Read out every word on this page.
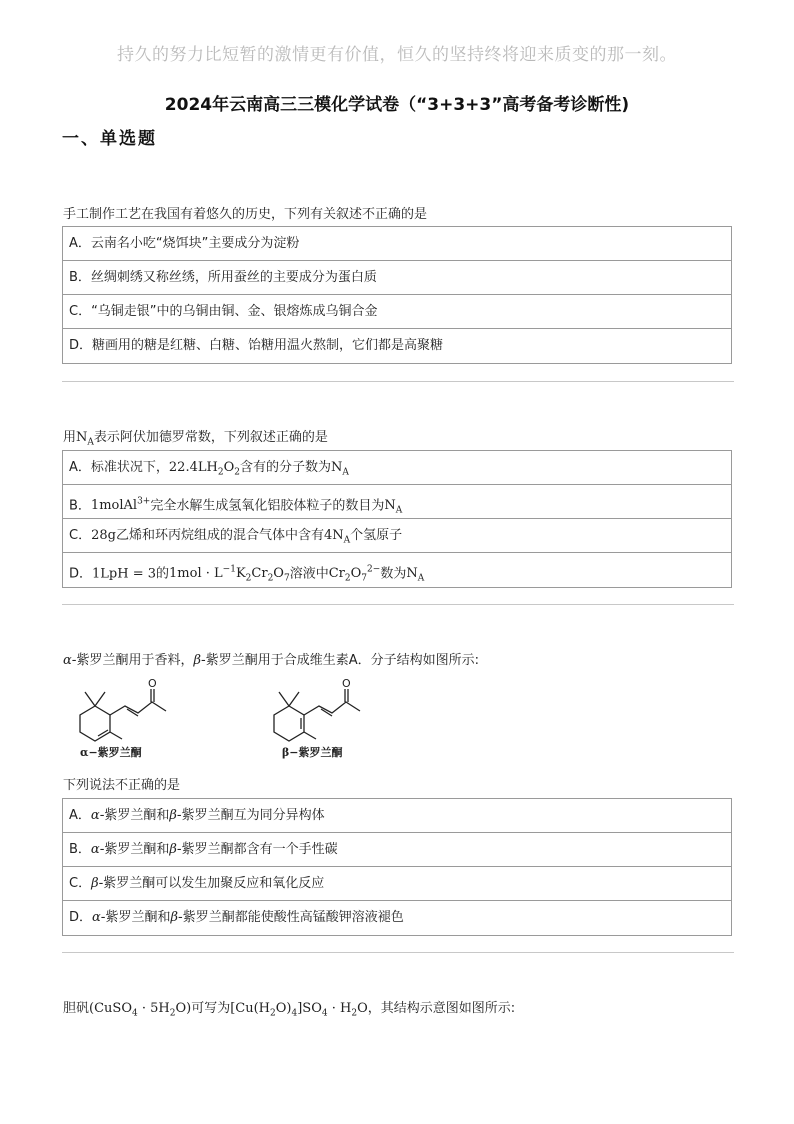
持久的努力比短暂的激情更有价值，恒久的坚持终将迎来质变的那一刻。
2024年云南高三三模化学试卷（“3+3+3”高考备考诊断性)
一、单选题
手工制作工艺在我国有着悠久的历史，下列有关叙述不正确的是
A．云南名小吃“烧饵块”主要成分为淀粉
B．丝绸刺绣又称丝绣，所用蚕丝的主要成分为蛋白质
C．“乌铜走银”中的乌铜由铜、金、银熔炼成乌铜合金
D．糖画用的糖是红糖、白糖、饴糖用温火熬制，它们都是高聚糖
用$N_A$表示阿伏加德罗常数，下列叙述正确的是
A．标准状况下，$22.4LH_2O_2$含有的分子数为$N_A$
B．1molAl$^{3+}$完全水解生成氢氧化铝胶体粒子的数目为$N_A$
C．28g乙烯和环丙烷组成的混合气体中含有$4N_A$个氢原子
D．1LpH = 3的$1mol \cdot L^{-1}K_2Cr_2O_7$溶液中$Cr_2O_7^{2-}$数为$N_A$
α-紫罗兰酮用于香料，β-紫罗兰酮用于合成维生素A．分子结构如图所示:
O
α−紫罗兰酮
O
β−紫罗兰酮
下列说法不正确的是
A．α-紫罗兰酮和β-紫罗兰酮互为同分异构体
B．α-紫罗兰酮和β-紫罗兰酮都含有一个手性碳
C．β-紫罗兰酮可以发生加聚反应和氧化反应
D．α-紫罗兰酮和β-紫罗兰酮都能使酸性高锰酸钾溶液褪色
胆矾(CuSO$_4$ · $5H_2O$)可写为$[Cu(H_2O)_4]SO_4 \cdot H_2O$，其结构示意图如图所示:
